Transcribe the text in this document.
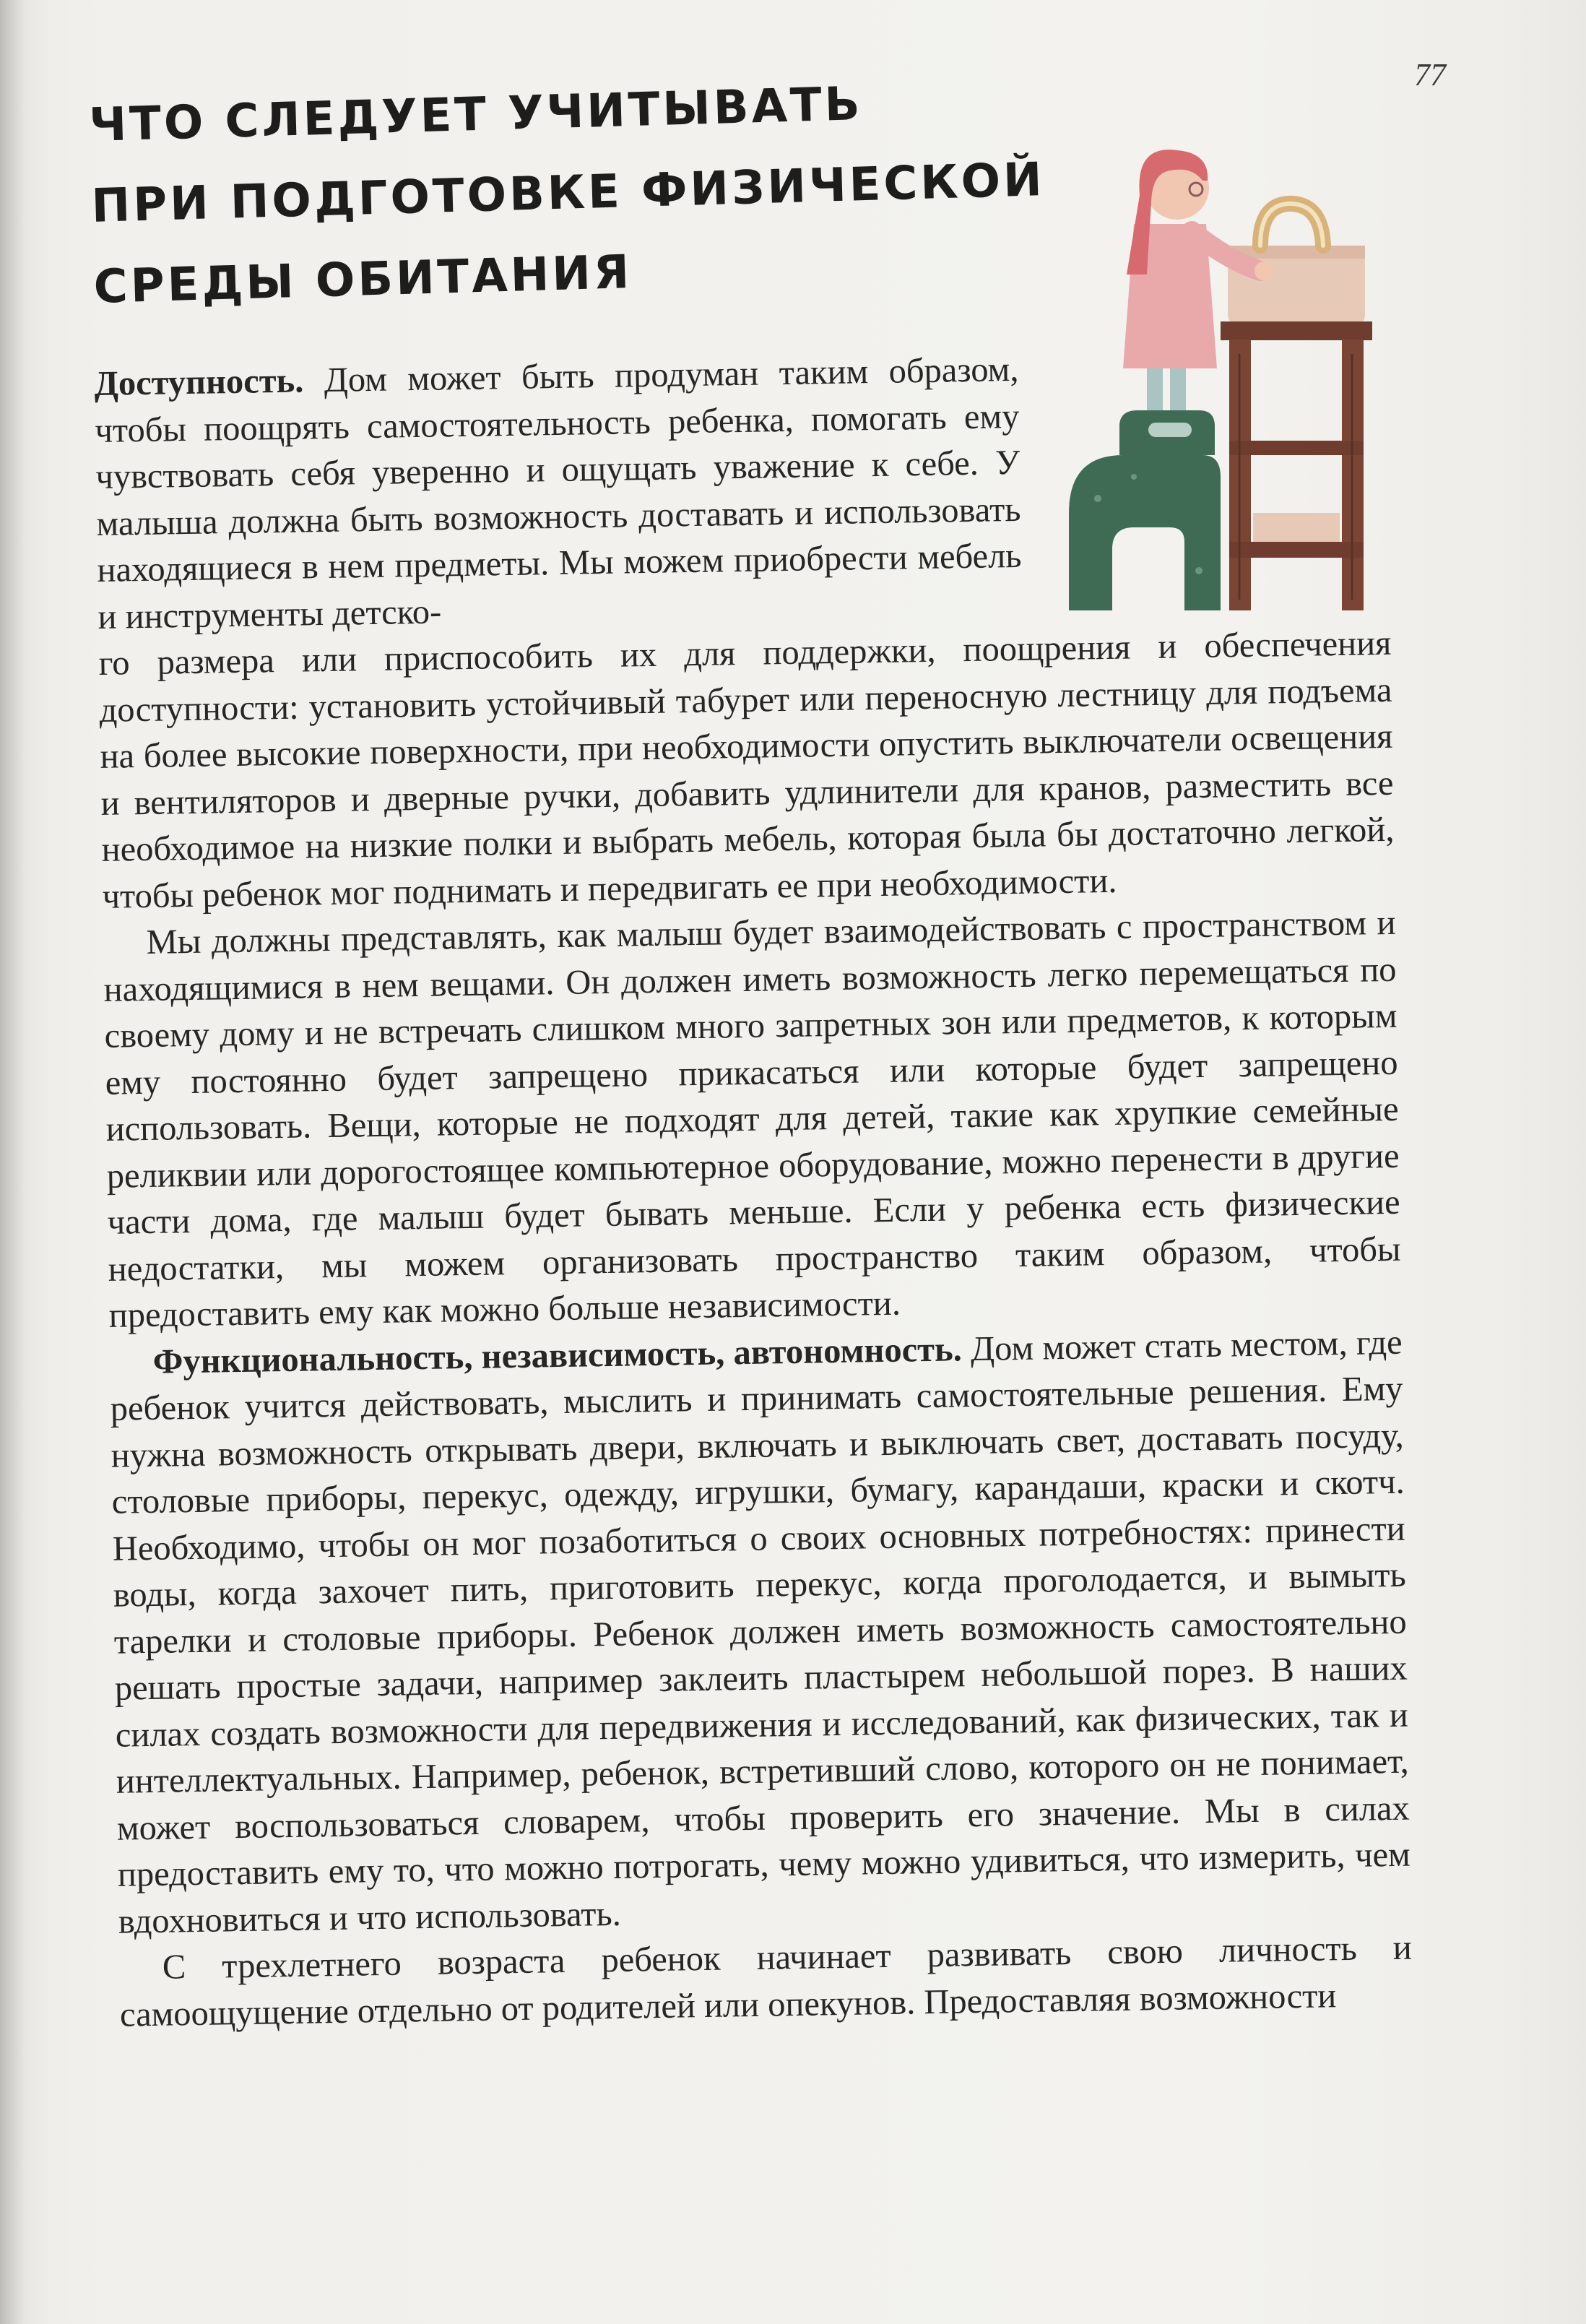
77
ЧТО СЛЕДУЕТ УЧИТЫВАТЬ
ПРИ ПОДГОТОВКЕ ФИЗИЧЕСКОЙ
СРЕДЫ ОБИТАНИЯ

Доступность. Дом может быть продуман таким образом, чтобы поощрять самостоятельность ребенка, помогать ему чувствовать себя уверенно и ощущать уважение к себе. У малыша должна быть возможность доставать и использовать находящиеся в нем предметы. Мы можем приобрести мебель и инструменты детско-

го размера или приспособить их для поддержки, поощрения и обеспечения доступности: установить устойчивый табурет или переносную лестницу для подъема на более высокие поверхности, при необходимости опустить выключатели освещения и вентиляторов и дверные ручки, добавить удлинители для кранов, разместить все необходимое на низкие полки и выбрать мебель, которая была бы достаточно легкой, чтобы ребенок мог поднимать и передвигать ее при необходимости.

Мы должны представлять, как малыш будет взаимодействовать с пространством и находящимися в нем вещами. Он должен иметь возможность легко перемещаться по своему дому и не встречать слишком много запретных зон или предметов, к которым ему постоянно будет запрещено прикасаться или которые будет запрещено использовать. Вещи, которые не подходят для детей, такие как хрупкие семейные реликвии или дорогостоящее компьютерное оборудование, можно перенести в другие части дома, где малыш будет бывать меньше. Если у ребенка есть физические недостатки, мы можем организовать пространство таким образом, чтобы предоставить ему как можно больше независимости.

Функциональность, независимость, автономность. Дом может стать местом, где ребенок учится действовать, мыслить и принимать самостоятельные решения. Ему нужна возможность открывать двери, включать и выключать свет, доставать посуду, столовые приборы, перекус, одежду, игрушки, бумагу, карандаши, краски и скотч. Необходимо, чтобы он мог позаботиться о своих основных потребностях: принести воды, когда захочет пить, приготовить перекус, когда проголодается, и вымыть тарелки и столовые приборы. Ребенок должен иметь возможность самостоятельно решать простые задачи, например заклеить пластырем небольшой порез. В наших силах создать возможности для передвижения и исследований, как физических, так и интеллектуальных. Например, ребенок, встретивший слово, которого он не понимает, может воспользоваться словарем, чтобы проверить его значение. Мы в силах предоставить ему то, что можно потрогать, чему можно удивиться, что измерить, чем вдохновиться и что использовать.

С трехлетнего возраста ребенок начинает развивать свою личность и самоощущение отдельно от родителей или опекунов. Предоставляя возможности
